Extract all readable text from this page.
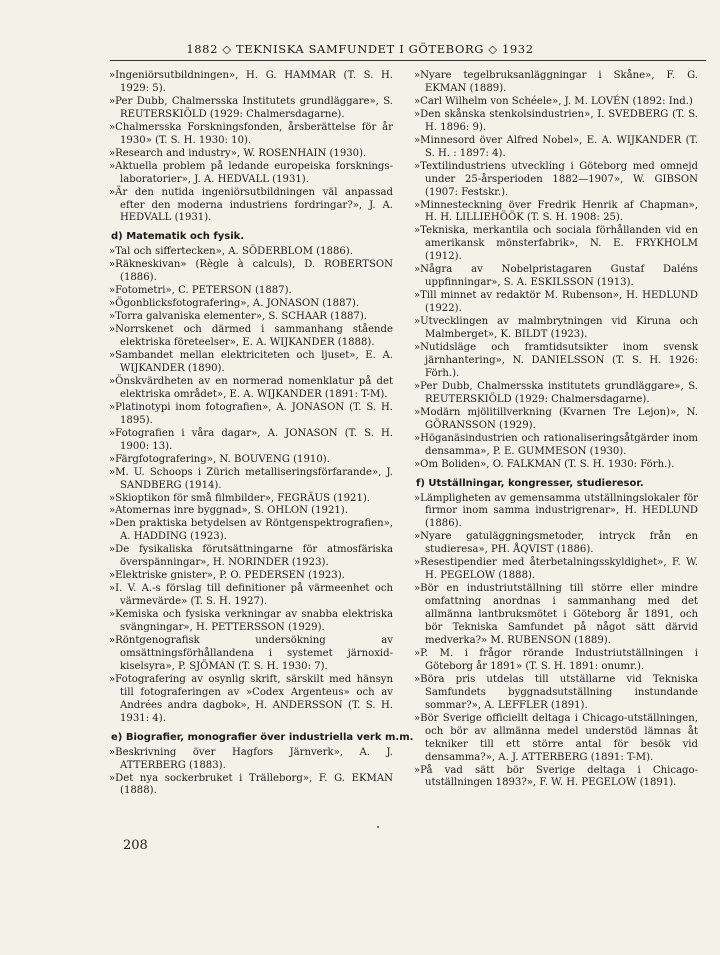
1882 ◇ TEKNISKA SAMFUNDET I GÖTEBORG ◇ 1932

»Ingeniörsutbildningen», H. G. HAMMAR (T. S. H. 1929: 5).

»Per Dubb, Chalmersska Institutets grundläggare», S. REUTERSKIÖLD (1929: Chalmersdagarne).

»Chalmersska Forskningsfonden, årsberättelse för år 1930» (T. S. H. 1930: 10).

»Research and industry», W. ROSENHAIN (1930).

»Aktuella problem på ledande europeiska forsknings-laboratorier», J. A. HEDVALL (1931).

»Är den nutida ingeniörsutbildningen väl anpassad efter den moderna industriens fordringar?», J. A. HEDVALL (1931).

d) Matematik och fysik.

»Tal och siffertecken», A. SÖDERBLOM (1886).

»Räkneskivan» (Règle à calculs), D. ROBERTSON (1886).

»Fotometri», C. PETERSON (1887).

»Ögonblicksfotografering», A. JONASON (1887).

»Torra galvaniska elementer», S. SCHAAR (1887).

»Norrskenet och därmed i sammanhang stående elektriska företeelser», E. A. WIJKANDER (1888).

»Sambandet mellan elektriciteten och ljuset», E. A. WIJKANDER (1890).

»Önskvärdheten av en normerad nomenklatur på det elektriska området», E. A. WIJKANDER (1891: T-M).

»Platinotypi inom fotografien», A. JONASON (T. S. H. 1895).

»Fotografien i våra dagar», A. JONASON (T. S. H. 1900: 13).

»Färgfotografering», N. BOUVENG (1910).

»M. U. Schoops i Zürich metalliseringsförfarande», J. SANDBERG (1914).

»Skioptikon för små filmbilder», FEGRÄUS (1921).

»Atomernas inre byggnad», S. OHLON (1921).

»Den praktiska betydelsen av Röntgenspektrografien», A. HADDING (1923).

»De fysikaliska förutsättningarne för atmosfäriska överspänningar», H. NORINDER (1923).

»Elektriske gnister», P. O. PEDERSEN (1923).

»I. V. A.-s förslag till definitioner på värmeenhet och värmevärde» (T. S. H. 1927).

»Kemiska och fysiska verkningar av snabba elektriska svängningar», H. PETTERSSON (1929).

»Röntgenografisk undersökning av omsättningsförhållandena i systemet järnoxid-kiselsyra», P. SJÖMAN (T. S. H. 1930: 7).

»Fotografering av osynlig skrift, särskilt med hänsyn till fotograferingen av »Codex Argenteus» och av Andrées andra dagbok», H. ANDERSSON (T. S. H. 1931: 4).

e) Biografier, monografier över industriella verk m.m.

»Beskrivning över Hagfors Järnverk», A. J. ATTERBERG (1883).

»Det nya sockerbruket i Trälleborg», F. G. EKMAN (1888).

»Nyare tegelbruksanläggningar i Skåne», F. G. EKMAN (1889).

»Carl Wilhelm von Schéele», J. M. LOVÉN (1892: Ind.)

»Den skånska stenkolsindustrien», I. SVEDBERG (T. S. H. 1896: 9).

»Minnesord över Alfred Nobel», E. A. WIJKANDER (T. S. H. : 1897: 4).

»Textilindustriens utveckling i Göteborg med omnejd under 25-årsperioden 1882—1907», W. GIBSON (1907: Festskr.).

»Minnesteckning över Fredrik Henrik af Chapman», H. H. LILLIEHÖÖK (T. S. H. 1908: 25).

»Tekniska, merkantila och sociala förhållanden vid en amerikansk mönsterfabrik», N. E. FRYKHOLM (1912).

»Några av Nobelpristagaren Gustaf Daléns uppfinningar», S. A. ESKILSSON (1913).

»Till minnet av redaktör M. Rubenson», H. HEDLUND (1922).

»Utvecklingen av malmbrytningen vid Kiruna och Malmberget», K. BILDT (1923).

»Nutidsläge och framtidsutsikter inom svensk järnhantering», N. DANIELSSON (T. S. H. 1926: Förh.).

»Per Dubb, Chalmersska institutets grundläggare», S. REUTERSKIÖLD (1929: Chalmersdagarne).

»Modärn mjölitillverkning (Kvarnen Tre Lejon)», N. GÖRANSSON (1929).

»Höganäsindustrien och rationaliseringsåtgärder inom densamma», P. E. GUMMESON (1930).

»Om Boliden», O. FALKMAN (T. S. H. 1930: Förh.).

f) Utställningar, kongresser, studieresor.

»Lämpligheten av gemensamma utställningslokaler för firmor inom samma industrigrenar», H. HEDLUND (1886).

»Nyare gatuläggningsmetoder, intryck från en studieresa», PH. ÅQVIST (1886).

»Resestipendier med återbetalningsskyldighet», F. W. H. PEGELOW (1888).

»Bör en industriutställning till större eller mindre omfattning anordnas i sammanhang med det allmänna lantbruksmötet i Göteborg år 1891, och bör Tekniska Samfundet på något sätt därvid medverka?» M. RUBENSON (1889).

»P. M. i frågor rörande Industriutställningen i Göteborg år 1891» (T. S. H. 1891: onumr.).

»Böra pris utdelas till utställarne vid Tekniska Samfundets byggnadsutställning instundande sommar?», A. LEFFLER (1891).

»Bör Sverige officiellt deltaga i Chicago-utställningen, och bör av allmänna medel understöd lämnas åt tekniker till ett större antal för besök vid densamma?», A. J. ATTERBERG (1891: T-M).

»På vad sätt bör Sverige deltaga i Chicago-utställningen 1893?», F. W. H. PEGELOW (1891).

208
